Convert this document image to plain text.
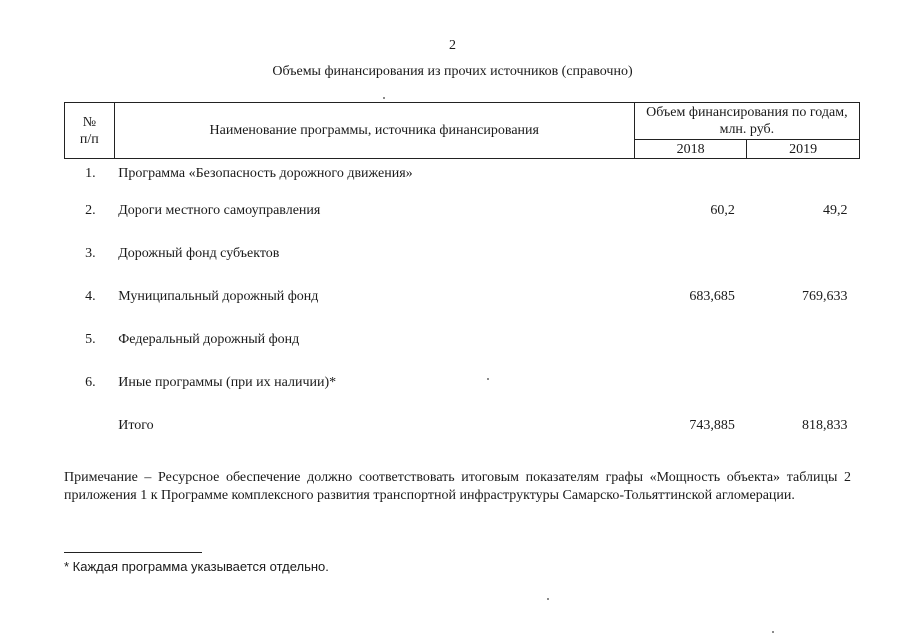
2
Объемы финансирования из прочих источников (справочно)
№
п/п	Наименование программы, источника финансирования	Объем финансирования по годам, млн. руб.	
		2018	2019
1.	Программа «Безопасность дорожного движения»		
2.	Дороги местного самоуправления	60,2	49,2
3.	Дорожный фонд субъектов		
4.	Муниципальный дорожный фонд	683,685	769,633
5.	Федеральный дорожный фонд		
6.	Иные программы (при их наличии)*		
	Итого	743,885	818,833
Примечание – Ресурсное обеспечение должно соответствовать итоговым показателям графы «Мощность объекта» таблицы 2 приложения 1 к Программе комплексного развития транспортной инфраструктуры Самарско-Тольяттинской агломерации.
* Каждая программа указывается отдельно.
